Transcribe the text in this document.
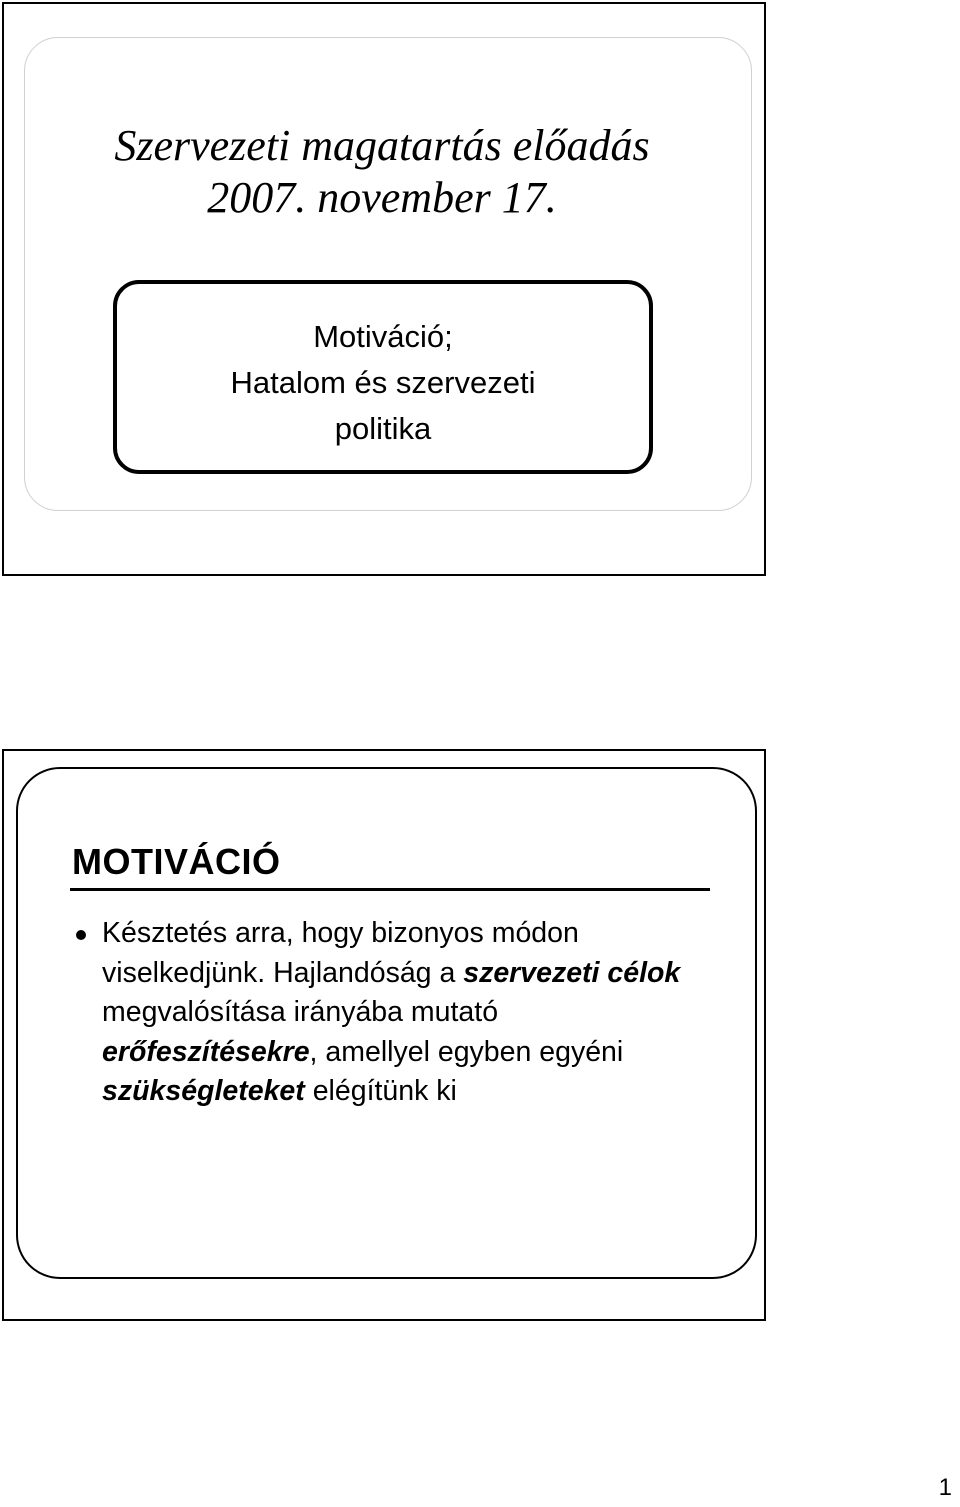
Szervezeti magatartás előadás
2007. november 17.
Motiváció;
Hatalom és szervezeti
politika
MOTIVÁCIÓ
Késztetés arra, hogy bizonyos módon viselkedjünk. Hajlandóság a szervezeti célok megvalósítása irányába mutató erőfeszítésekre, amellyel egyben egyéni szükségleteket elégítünk ki
1
